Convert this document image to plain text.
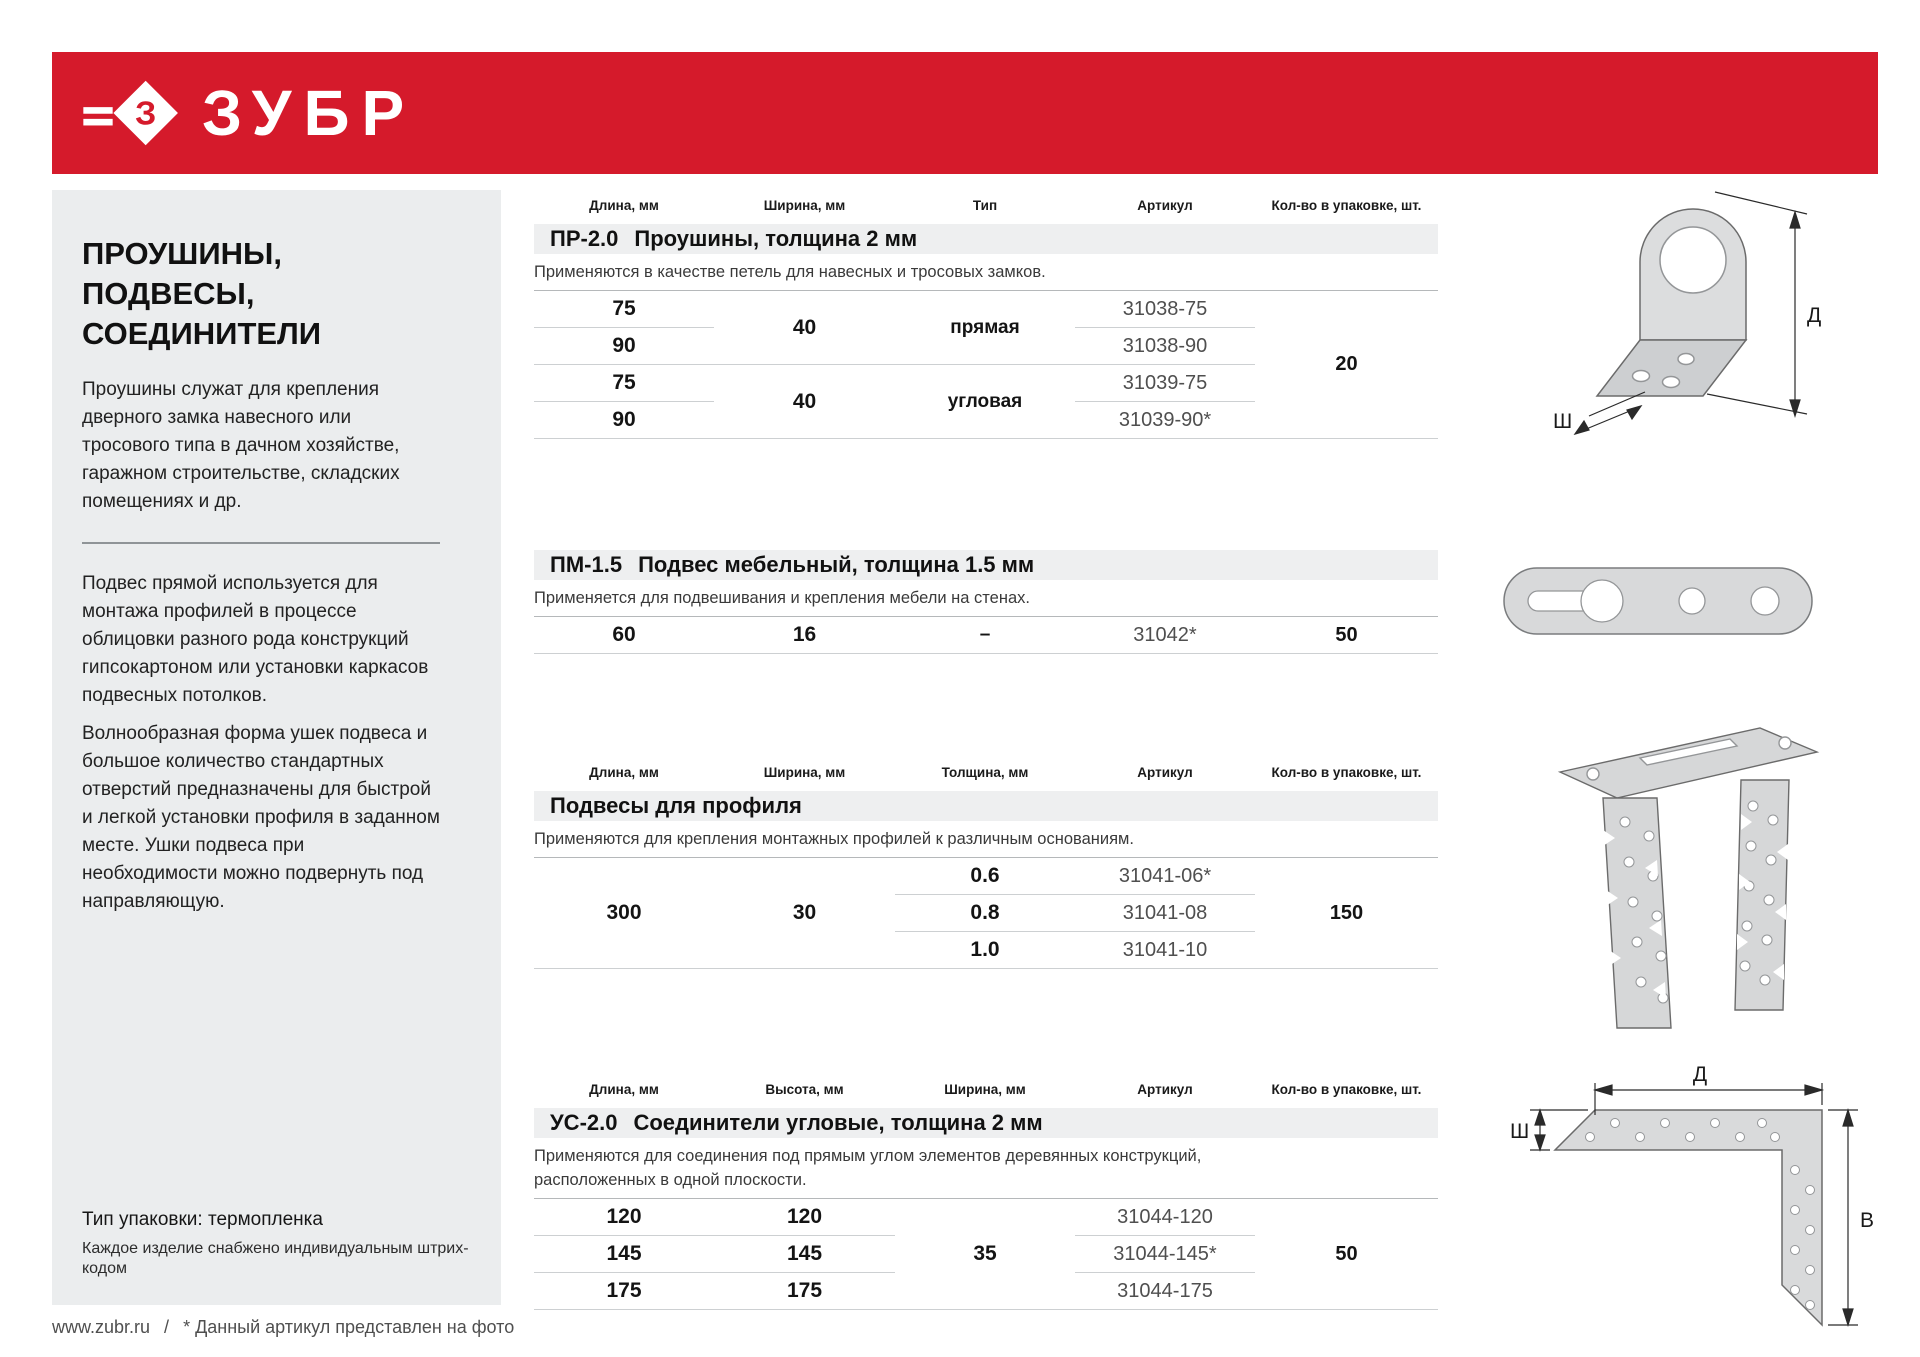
З ЗУБР
ПРОУШИНЫ,
ПОДВЕСЫ,
СОЕДИНИТЕЛИ

Проушины служат для крепления дверного замка навесного или тросового типа в дачном хозяйстве, гаражном строительстве, складских помещениях и др.

Подвес прямой используется для монтажа профилей в процессе облицовки разного рода конструкций гипсокартоном или установки каркасов подвесных потолков.

Волнообразная форма ушек подвеса и большое количество стандартных отверстий предназначены для быстрой и легкой установки профиля в заданном месте. Ушки подвеса при необходимости можно подвернуть под направляющую.

Тип упаковки: термопленка

Каждое изделие снабжено индивидуальным штрих-кодом

Длина, мм	Ширина, мм	Тип	Артикул	Кол-во в упаковке, шт.
ПР-2.0 Проушины, толщина 2 мм
Применяются в качестве петель для навесных и тросовых замков.
75	40	прямая	31038-75	20
90			31038-90	
75	40	угловая	31039-75	
90			31039-90*	
ПМ-1.5 Подвес мебельный, толщина 1.5 мм
Применяется для подвешивания и крепления мебели на стенах.
60	16	–	31042*	50
Длина, мм	Ширина, мм	Толщина, мм	Артикул	Кол-во в упаковке, шт.
Подвесы для профиля
Применяются для крепления монтажных профилей к различным основаниям.
300	30	0.6	31041-06*	150
		0.8	31041-08	
		1.0	31041-10	
Длина, мм	Высота, мм	Ширина, мм	Артикул	Кол-во в упаковке, шт.
УС-2.0 Соединители угловые, толщина 2 мм
Применяются для соединения под прямым углом элементов деревянных конструкций,
расположенных в одной плоскости.
120	120	35	31044-120	50
145	145		31044-145*	
175	175		31044-175	
Д
Ш
Д
Ш
В
www.zubr.ru / * Данный артикул представлен на фото
